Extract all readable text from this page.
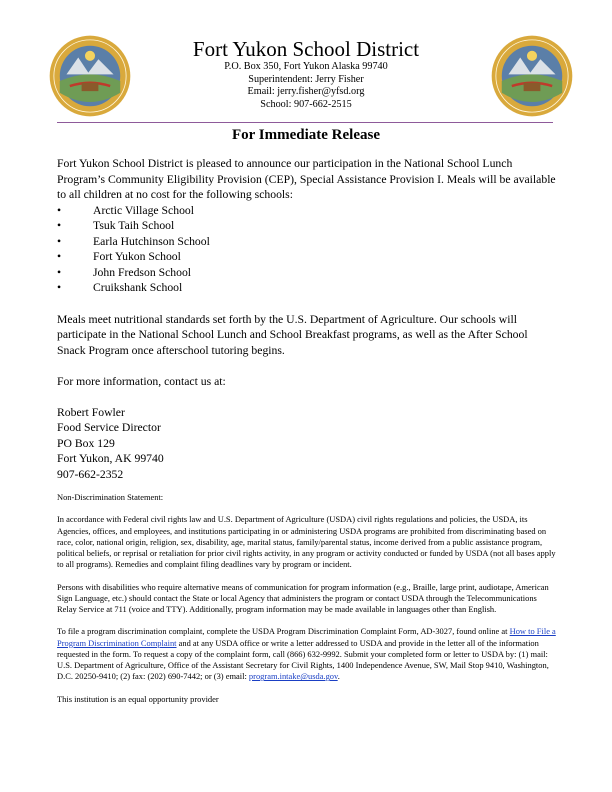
Fort Yukon School District
P.O. Box 350, Fort Yukon Alaska 99740
Superintendent: Jerry Fisher
Email: jerry.fisher@yfsd.org
School: 907-662-2515
For Immediate Release

Fort Yukon School District is pleased to announce our participation in the National School Lunch Program’s Community Eligibility Provision (CEP), Special Assistance Provision I. Meals will be available to all children at no cost for the following schools:

•	Arctic Village School
•	Tsuk Taih School
•	Earla Hutchinson School
•	Fort Yukon School
•	John Fredson School
•	Cruikshank School

Meals meet nutritional standards set forth by the U.S. Department of Agriculture. Our schools will participate in the National School Lunch and School Breakfast programs, as well as the After School Snack Program once afterschool tutoring begins.

For more information, contact us at:

Robert Fowler
Food Service Director
PO Box 129
Fort Yukon, AK 99740
907-662-2352

Non-Discrimination Statement:

In accordance with Federal civil rights law and U.S. Department of Agriculture (USDA) civil rights regulations and policies, the USDA, its Agencies, offices, and employees, and institutions participating in or administering USDA programs are prohibited from discriminating based on race, color, national origin, religion, sex, disability, age, marital status, family/parental status, income derived from a public assistance program, political beliefs, or reprisal or retaliation for prior civil rights activity, in any program or activity conducted or funded by USDA (not all bases apply to all programs). Remedies and complaint filing deadlines vary by program or incident.

Persons with disabilities who require alternative means of communication for program information (e.g., Braille, large print, audiotape, American Sign Language, etc.) should contact the State or local Agency that administers the program or contact USDA through the Telecommunications Relay Service at 711 (voice and TTY). Additionally, program information may be made available in languages other than English.

To file a program discrimination complaint, complete the USDA Program Discrimination Complaint Form, AD-3027, found online at How to File a Program Discrimination Complaint and at any USDA office or write a letter addressed to USDA and provide in the letter all of the information requested in the form. To request a copy of the complaint form, call (866) 632-9992. Submit your completed form or letter to USDA by: (1) mail: U.S. Department of Agriculture, Office of the Assistant Secretary for Civil Rights, 1400 Independence Avenue, SW, Mail Stop 9410, Washington, D.C. 20250-9410; (2) fax: (202) 690-7442; or (3) email: program.intake@usda.gov.

This institution is an equal opportunity provider
